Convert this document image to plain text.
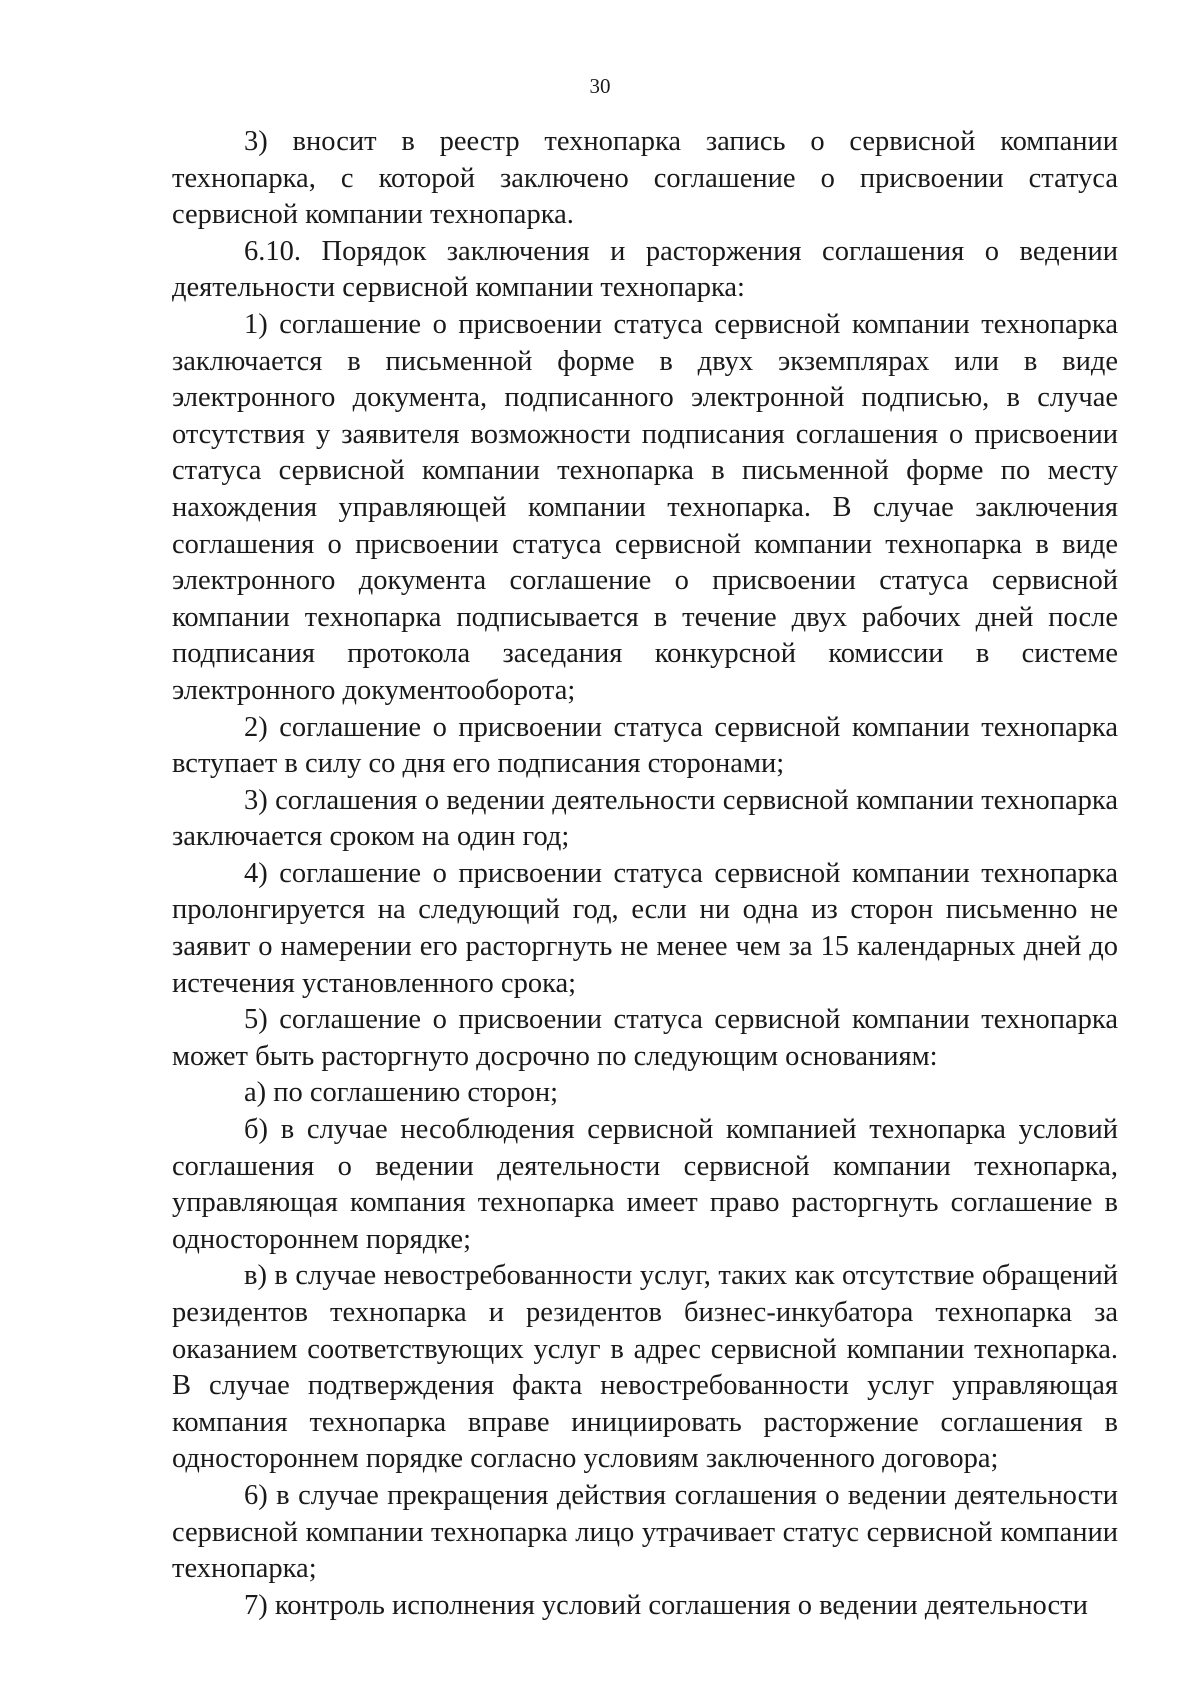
30

3) вносит в реестр технопарка запись о сервисной компании технопарка, с которой заключено соглашение о присвоении статуса сервисной компании технопарка.

6.10. Порядок заключения и расторжения соглашения о ведении деятельности сервисной компании технопарка:

1) соглашение о присвоении статуса сервисной компании технопарка заключается в письменной форме в двух экземплярах или в виде электронного документа, подписанного электронной подписью, в случае отсутствия у заявителя возможности подписания соглашения о присвоении статуса сервисной компании технопарка в письменной форме по месту нахождения управляющей компании технопарка. В случае заключения соглашения о присвоении статуса сервисной компании технопарка в виде электронного документа соглашение о присвоении статуса сервисной компании технопарка подписывается в течение двух рабочих дней после подписания протокола заседания конкурсной комиссии в системе электронного документооборота;

2) соглашение о присвоении статуса сервисной компании технопарка вступает в силу со дня его подписания сторонами;

3) соглашения о ведении деятельности сервисной компании технопарка заключается сроком на один год;

4) соглашение о присвоении статуса сервисной компании технопарка пролонгируется на следующий год, если ни одна из сторон письменно не заявит о намерении его расторгнуть не менее чем за 15 календарных дней до истечения установленного срока;

5) соглашение о присвоении статуса сервисной компании технопарка может быть расторгнуто досрочно по следующим основаниям:

а) по соглашению сторон;

б) в случае несоблюдения сервисной компанией технопарка условий соглашения о ведении деятельности сервисной компании технопарка, управляющая компания технопарка имеет право расторгнуть соглашение в одностороннем порядке;

в) в случае невостребованности услуг, таких как отсутствие обращений резидентов технопарка и резидентов бизнес-инкубатора технопарка за оказанием соответствующих услуг в адрес сервисной компании технопарка. В случае подтверждения факта невостребованности услуг управляющая компания технопарка вправе инициировать расторжение соглашения в одностороннем порядке согласно условиям заключенного договора;

6) в случае прекращения действия соглашения о ведении деятельности сервисной компании технопарка лицо утрачивает статус сервисной компании технопарка;

7) контроль исполнения условий соглашения о ведении деятельности
